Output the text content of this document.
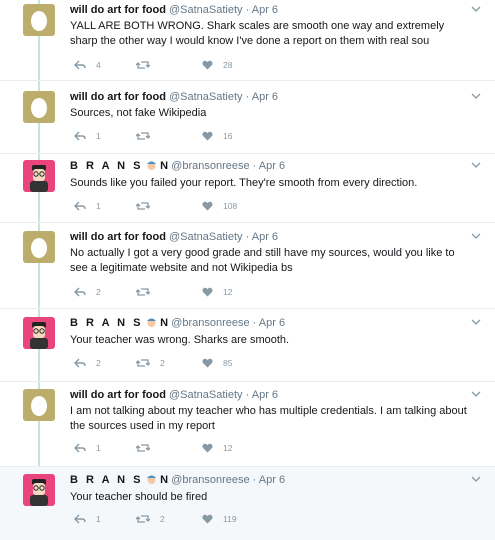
will do art for food @SatnaSatiety · Apr 6
YALL ARE BOTH WRONG. Shark scales are smooth one way and extremely sharp the other way I would know I've done a report on them with real sou
4	28
will do art for food @SatnaSatiety · Apr 6
Sources, not fake Wikipedia
1	16
B R A N S N @bransonreese · Apr 6
Sounds like you failed your report. They're smooth from every direction.
1	108
will do art for food @SatnaSatiety · Apr 6
No actually I got a very good grade and still have my sources, would you like to see a legitimate website and not Wikipedia bs
2	12
B R A N S N @bransonreese · Apr 6
Your teacher was wrong. Sharks are smooth.
2	2	85
will do art for food @SatnaSatiety · Apr 6
I am not talking about my teacher who has multiple credentials. I am talking about the sources used in my report
1	12
B R A N S N @bransonreese · Apr 6
Your teacher should be fired
1	2	119
